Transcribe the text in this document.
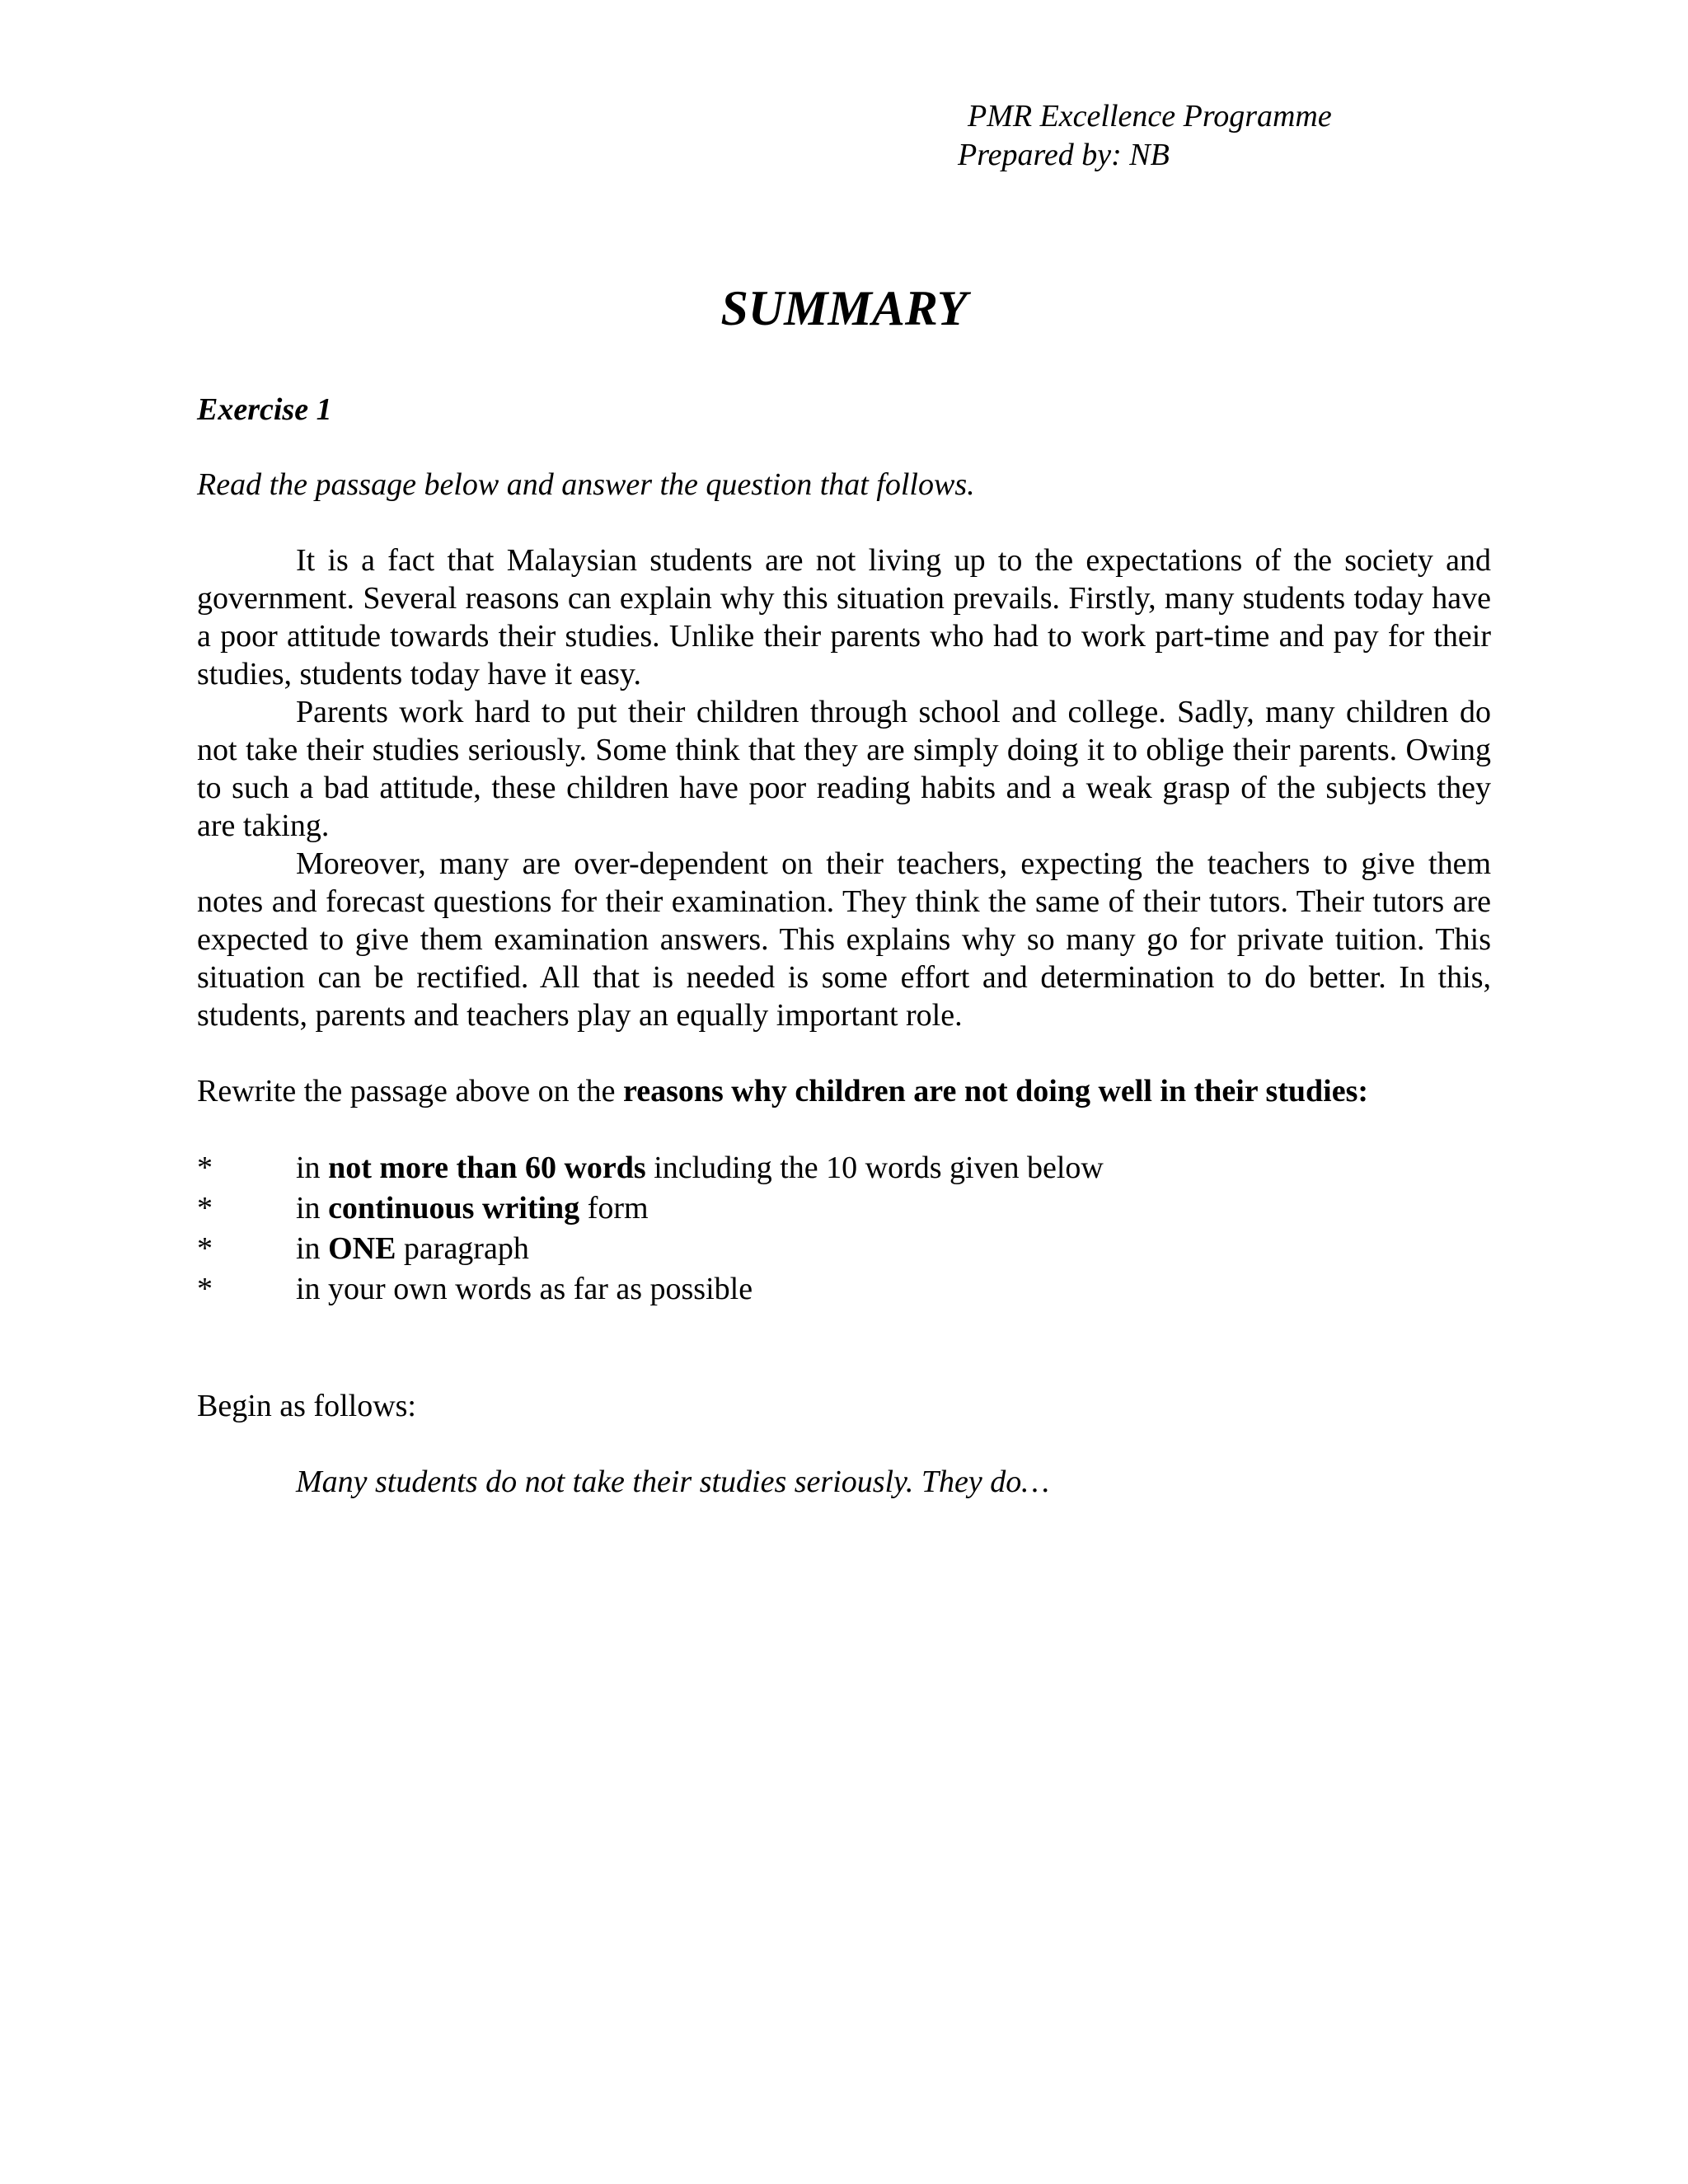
PMR Excellence Programme
Prepared by: NB
SUMMARY

Exercise 1

Read the passage below and answer the question that follows.

It is a fact that Malaysian students are not living up to the expectations of the society and government. Several reasons can explain why this situation prevails. Firstly, many students today have a poor attitude towards their studies. Unlike their parents who had to work part-time and pay for their studies, students today have it easy.

Parents work hard to put their children through school and college. Sadly, many children do not take their studies seriously. Some think that they are simply doing it to oblige their parents. Owing to such a bad attitude, these children have poor reading habits and a weak grasp of the subjects they are taking.

Moreover, many are over-dependent on their teachers, expecting the teachers to give them notes and forecast questions for their examination. They think the same of their tutors. Their tutors are expected to give them examination answers. This explains why so many go for private tuition. This situation can be rectified. All that is needed is some effort and determination to do better. In this, students, parents and teachers play an equally important role.

Rewrite the passage above on the reasons why children are not doing well in their studies:

*	in not more than 60 words including the 10 words given below
*	in continuous writing form
*	in ONE paragraph
*	in your own words as far as possible

Begin as follows:

Many students do not take their studies seriously. They do…
